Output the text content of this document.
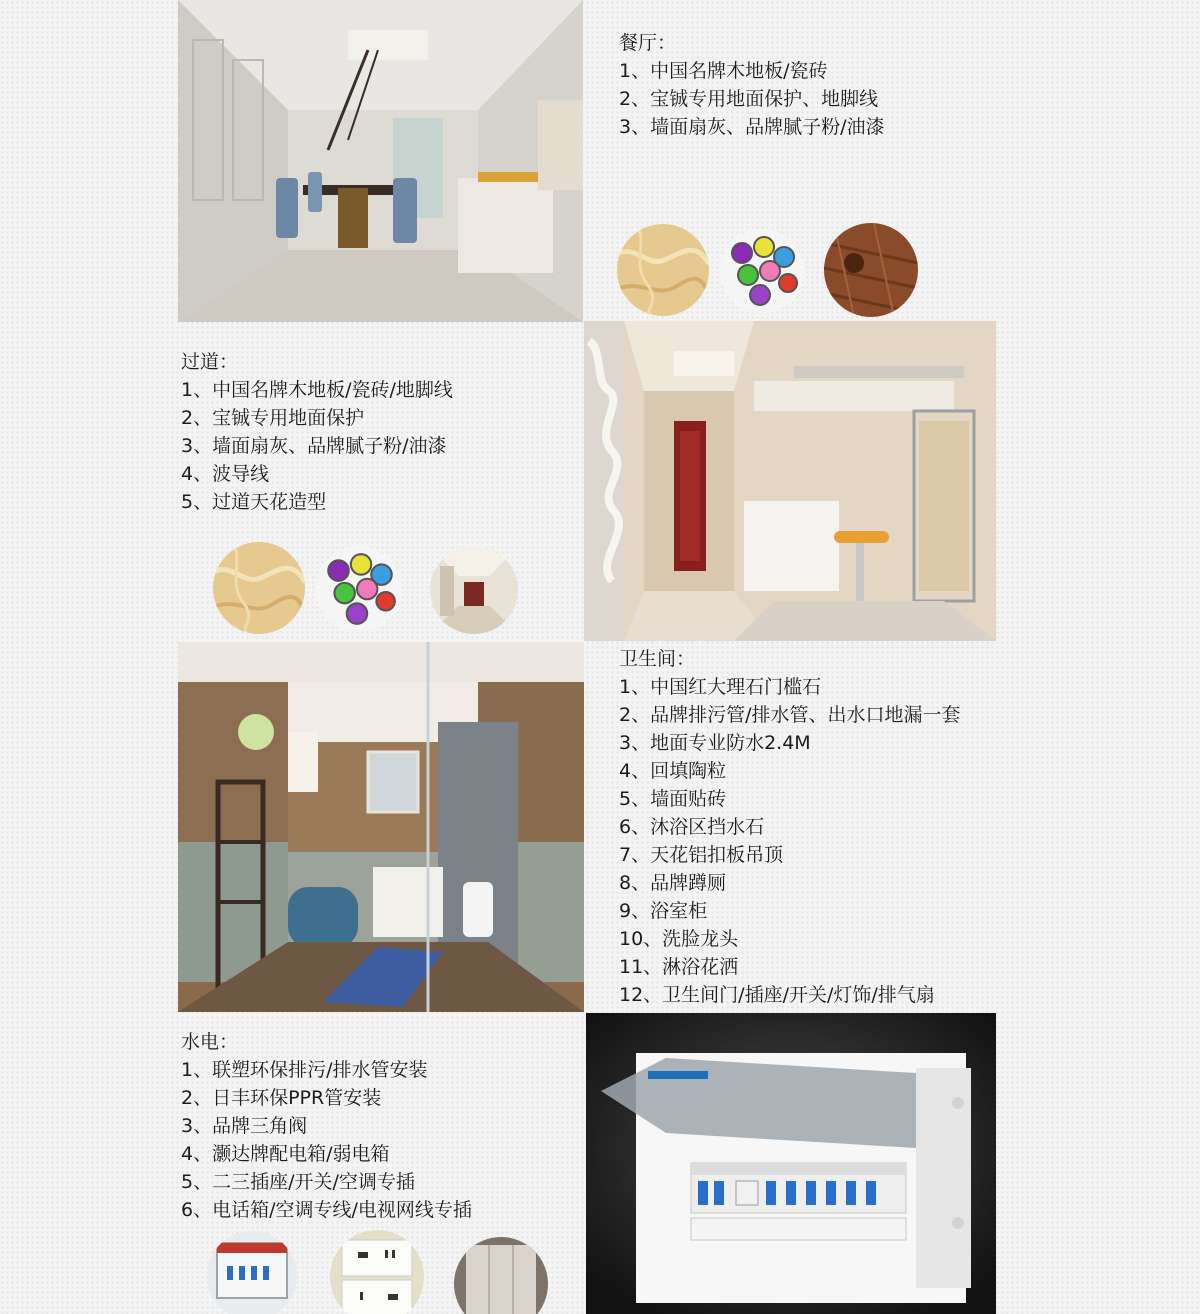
餐厅：
1、中国名牌木地板/瓷砖
2、宝铖专用地面保护、地脚线
3、墙面扇灰、品牌腻子粉/油漆
过道：
1、中国名牌木地板/瓷砖/地脚线
2、宝铖专用地面保护
3、墙面扇灰、品牌腻子粉/油漆
4、波导线
5、过道天花造型
卫生间：
1、中国红大理石门槛石
2、品牌排污管/排水管、出水口地漏一套
3、地面专业防水2.4M
4、回填陶粒
5、墙面贴砖
6、沐浴区挡水石
7、天花铝扣板吊顶
8、品牌蹲厕
9、浴室柜
10、洗脸龙头
11、淋浴花洒
12、卫生间门/插座/开关/灯饰/排气扇
水电：
1、联塑环保排污/排水管安装
2、日丰环保PPR管安装
3、品牌三角阀
4、灏达牌配电箱/弱电箱
5、二三插座/开关/空调专插
6、电话箱/空调专线/电视网线专插
